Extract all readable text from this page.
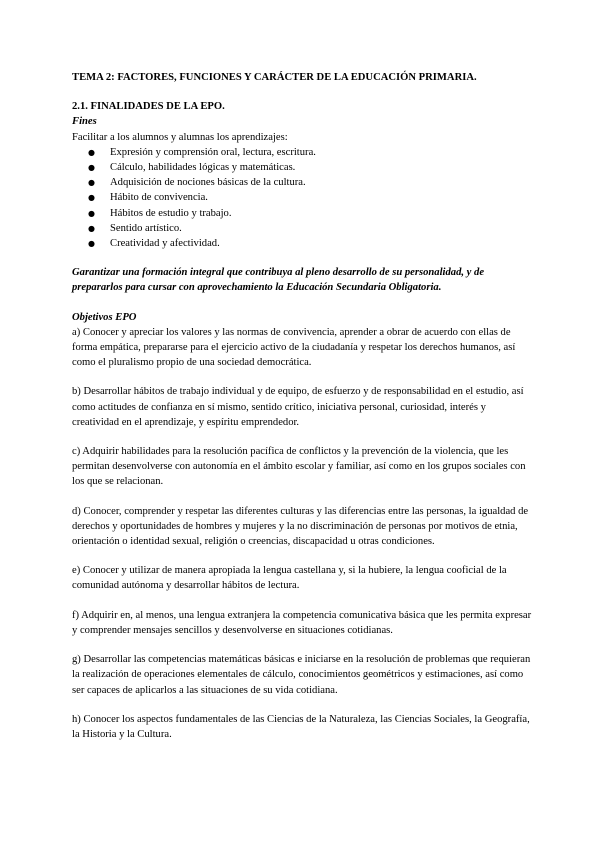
TEMA 2: FACTORES, FUNCIONES Y CARÁCTER DE LA EDUCACIÓN PRIMARIA.

2.1. FINALIDADES DE LA EPO.

Fines

Facilitar a los alumnos y alumnas los aprendizajes:

● Expresión y comprensión oral, lectura, escritura.
● Cálculo, habilidades lógicas y matemáticas.
● Adquisición de nociones básicas de la cultura.
● Hábito de convivencia.
● Hábitos de estudio y trabajo.
● Sentido artístico.
● Creatividad y afectividad.

Garantizar una formación integral que contribuya al pleno desarrollo de su personalidad, y de prepararlos para cursar con aprovechamiento la Educación Secundaria Obligatoria.

Objetivos EPO

a) Conocer y apreciar los valores y las normas de convivencia, aprender a obrar de acuerdo con ellas de forma empática, prepararse para el ejercicio activo de la ciudadanía y respetar los derechos humanos, así como el pluralismo propio de una sociedad democrática.

b) Desarrollar hábitos de trabajo individual y de equipo, de esfuerzo y de responsabilidad en el estudio, así como actitudes de confianza en sí mismo, sentido crítico, iniciativa personal, curiosidad, interés y creatividad en el aprendizaje, y espíritu emprendedor.

c) Adquirir habilidades para la resolución pacífica de conflictos y la prevención de la violencia, que les permitan desenvolverse con autonomía en el ámbito escolar y familiar, así como en los grupos sociales con los que se relacionan.

d) Conocer, comprender y respetar las diferentes culturas y las diferencias entre las personas, la igualdad de derechos y oportunidades de hombres y mujeres y la no discriminación de personas por motivos de etnia, orientación o identidad sexual, religión o creencias, discapacidad u otras condiciones.

e) Conocer y utilizar de manera apropiada la lengua castellana y, si la hubiere, la lengua cooficial de la comunidad autónoma y desarrollar hábitos de lectura.

f) Adquirir en, al menos, una lengua extranjera la competencia comunicativa básica que les permita expresar y comprender mensajes sencillos y desenvolverse en situaciones cotidianas.

g) Desarrollar las competencias matemáticas básicas e iniciarse en la resolución de problemas que requieran la realización de operaciones elementales de cálculo, conocimientos geométricos y estimaciones, así como ser capaces de aplicarlos a las situaciones de su vida cotidiana.

h) Conocer los aspectos fundamentales de las Ciencias de la Naturaleza, las Ciencias Sociales, la Geografía, la Historia y la Cultura.
